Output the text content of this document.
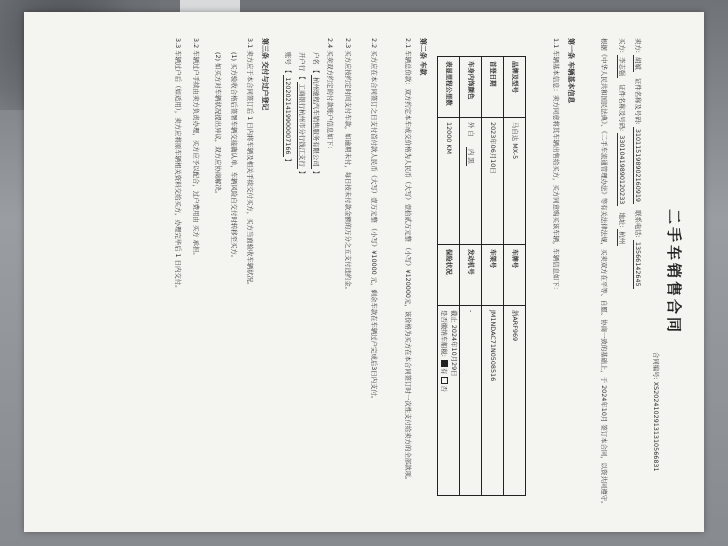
二手车销售合同
合同编号: XS20241029131310566831
卖方: 胡斌   证件名称及号码: 310115198902160919   联系电话: 13566142645
买方: 李志强   证件名称及号码: 33010419890120233   地址: 杭州
根据《中华人民共和国民法典》、《二手车流通管理办法》等有关法律法规，买卖双方在平等、自愿、协商一致的基础上，于 2024年10月 签订本合同，以资共同遵守。
第一条 车辆基本信息
1.1 车辆基本信息：卖方同意将其车辆出售给买方，买方同意购买该车辆，车辆信息如下：
品牌及型号	马自达 MX-5	车牌号	浙ARF969
首登日期	2023年06月10日	车架号	JM1NDAC71N0508516
车身内饰颜色	外 白     内 黑	发动机号	-
表显里程公里数	12000 KM	保险状况	截止 2024年10月29日
是否缴纳车船税: 有 否
第二条 车款
2.1 车辆总价款：双方约定本车成交价格为人民币（大写）壹拾贰万元整 （小写）¥120000元，该价格为买方在本合同签订时一次性支付给卖方的全部款项。
2.2 买方应在本合同签订之日支付首付款人民币（大写）壹万元整 （小写）¥10000 元，剩余车款在车辆过户完成后3日内支付。
2.3 买方应按约定时间支付车款，如逾期未付，每日按未付款金额的万分之五支付违约金。
2.4 买卖双方约定的付款账户信息如下：
户名 【 杭州驰程汽车销售服务有限公司 】
开户行 【 工商银行杭州市分行钱江支行 】
账号 【 1202021419900007166 】
第三条 交付与过户登记
3.1 卖方应于本合同签订后 1 日内将车辆及相关手续交付买方，买方当面验收车辆状况。
(1) 买方验收合格后签署车辆交接确认单，车辆风险自交付时转移至买方。
(2) 如买方对车辆状况提出异议，双方应协商解决。
3.2 车辆过户手续由卖方负责办理，买方应予以配合，过户费用由 买方 承担。
3.3 车辆过户后（如适用），卖方应将原车辆相关资料交给买方，办理完毕后 1 日内交付。
